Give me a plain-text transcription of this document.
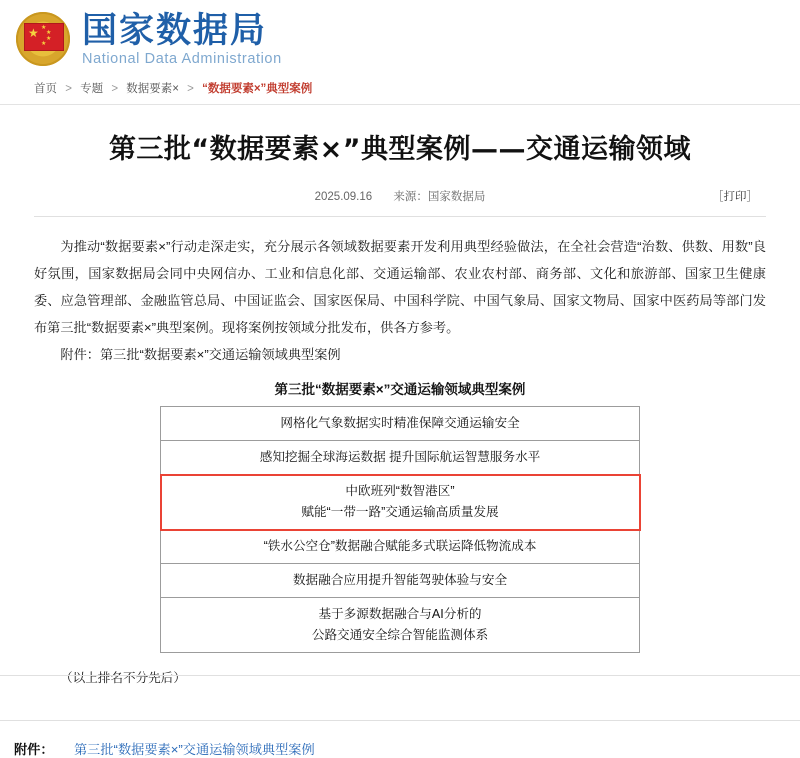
★ ★
★
★
★ 国家数据局
National Data Administration
首页 > 专题 > 数据要素× > “数据要素×”典型案例
第三批“数据要素×”典型案例——交通运输领域
2025.09.16 来源：国家数据局	［打印］

为推动“数据要素×”行动走深走实，充分展示各领域数据要素开发利用典型经验做法，在全社会营造“治数、供数、用数”良好氛围，国家数据局会同中央网信办、工业和信息化部、交通运输部、农业农村部、商务部、文化和旅游部、国家卫生健康委、应急管理部、金融监管总局、中国证监会、国家医保局、中国科学院、中国气象局、国家文物局、国家中医药局等部门发布第三批“数据要素×”典型案例。现将案例按领域分批发布，供各方参考。

附件：第三批“数据要素×”交通运输领域典型案例

第三批“数据要素×”交通运输领域典型案例
网格化气象数据实时精准保障交通运输安全

感知挖掘全球海运数据 提升国际航运智慧服务水平

中欧班列“数智港区”
赋能“一带一路”交通运输高质量发展

“铁水公空仓”数据融合赋能多式联运降低物流成本

数据融合应用提升智能驾驶体验与安全

基于多源数据融合与AI分析的
公路交通安全综合智能监测体系
（以上排名不分先后）
附件：	第三批“数据要素×”交通运输领域典型案例
